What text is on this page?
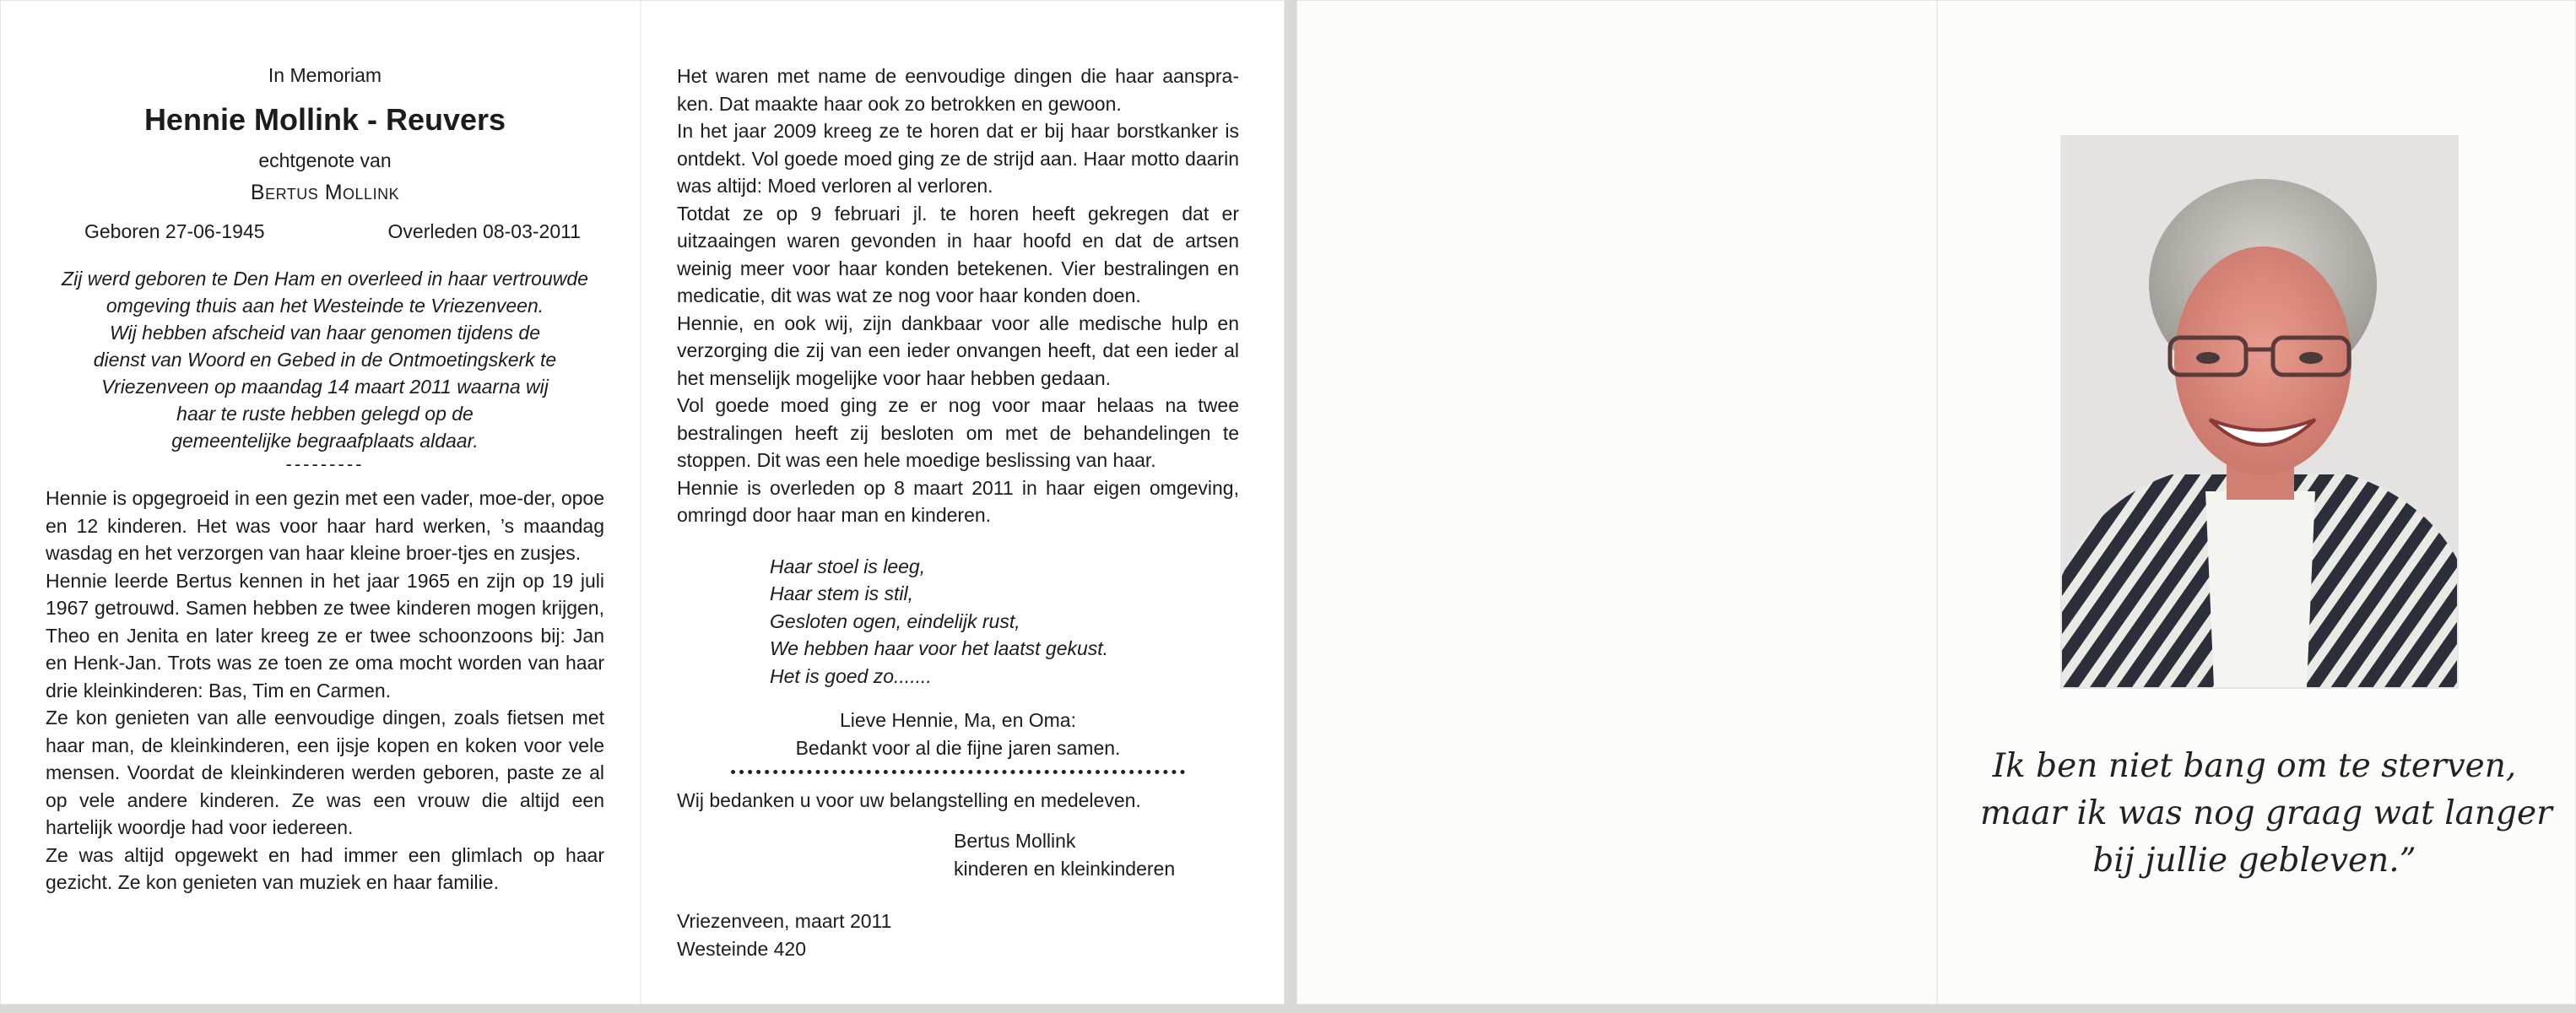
In Memoriam
Hennie Mollink - Reuvers
echtgenote van
Bertus Mollink
Geboren 27-06-1945	Overleden 08-03-2011
Zij werd geboren te Den Ham en overleed in haar vertrouwde
omgeving thuis aan het Westeinde te Vriezenveen.
Wij hebben afscheid van haar genomen tijdens de
dienst van Woord en Gebed in de Ontmoetingskerk te
Vriezenveen op maandag 14 maart 2011 waarna wij
haar te ruste hebben gelegd op de
gemeentelijke begraafplaats aldaar.
---------

Hennie is opgegroeid in een gezin met een vader, moe-der, opoe en 12 kinderen. Het was voor haar hard werken, ’s maandag wasdag en het verzorgen van haar kleine broer-tjes en zusjes.

Hennie leerde Bertus kennen in het jaar 1965 en zijn op 19 juli 1967 getrouwd. Samen hebben ze twee kinderen mogen krijgen, Theo en Jenita en later kreeg ze er twee schoonzoons bij: Jan en Henk-Jan. Trots was ze toen ze oma mocht worden van haar drie kleinkinderen: Bas, Tim en Carmen.

Ze kon genieten van alle eenvoudige dingen, zoals fietsen met haar man, de kleinkinderen, een ijsje kopen en koken voor vele mensen. Voordat de kleinkinderen werden geboren, paste ze al op vele andere kinderen. Ze was een vrouw die altijd een hartelijk woordje had voor iedereen.

Ze was altijd opgewekt en had immer een glimlach op haar gezicht. Ze kon genieten van muziek en haar familie.

Het waren met name de eenvoudige dingen die haar aanspra-ken. Dat maakte haar ook zo betrokken en gewoon.

In het jaar 2009 kreeg ze te horen dat er bij haar borstkanker is ontdekt. Vol goede moed ging ze de strijd aan. Haar motto daarin was altijd: Moed verloren al verloren.

Totdat ze op 9 februari jl. te horen heeft gekregen dat er uitzaaingen waren gevonden in haar hoofd en dat de artsen weinig meer voor haar konden betekenen. Vier bestralingen en medicatie, dit was wat ze nog voor haar konden doen.

Hennie, en ook wij, zijn dankbaar voor alle medische hulp en verzorging die zij van een ieder onvangen heeft, dat een ieder al het menselijk mogelijke voor haar hebben gedaan.

Vol goede moed ging ze er nog voor maar helaas na twee bestralingen heeft zij besloten om met de behandelingen te stoppen. Dit was een hele moedige beslissing van haar.

Hennie is overleden op 8 maart 2011 in haar eigen omgeving, omringd door haar man en kinderen.

Haar stoel is leeg,
Haar stem is stil,
Gesloten ogen, eindelijk rust,
We hebben haar voor het laatst gekust.
Het is goed zo.......
Lieve Hennie, Ma, en Oma:
Bedankt voor al die fijne jaren samen.
Wij bedanken u voor uw belangstelling en medeleven.
Bertus Mollink
kinderen en kleinkinderen
Vriezenveen, maart 2011
Westeinde 420
Ik ben niet bang om te sterven,
maar ik was nog graag wat langer
bij jullie gebleven.”
